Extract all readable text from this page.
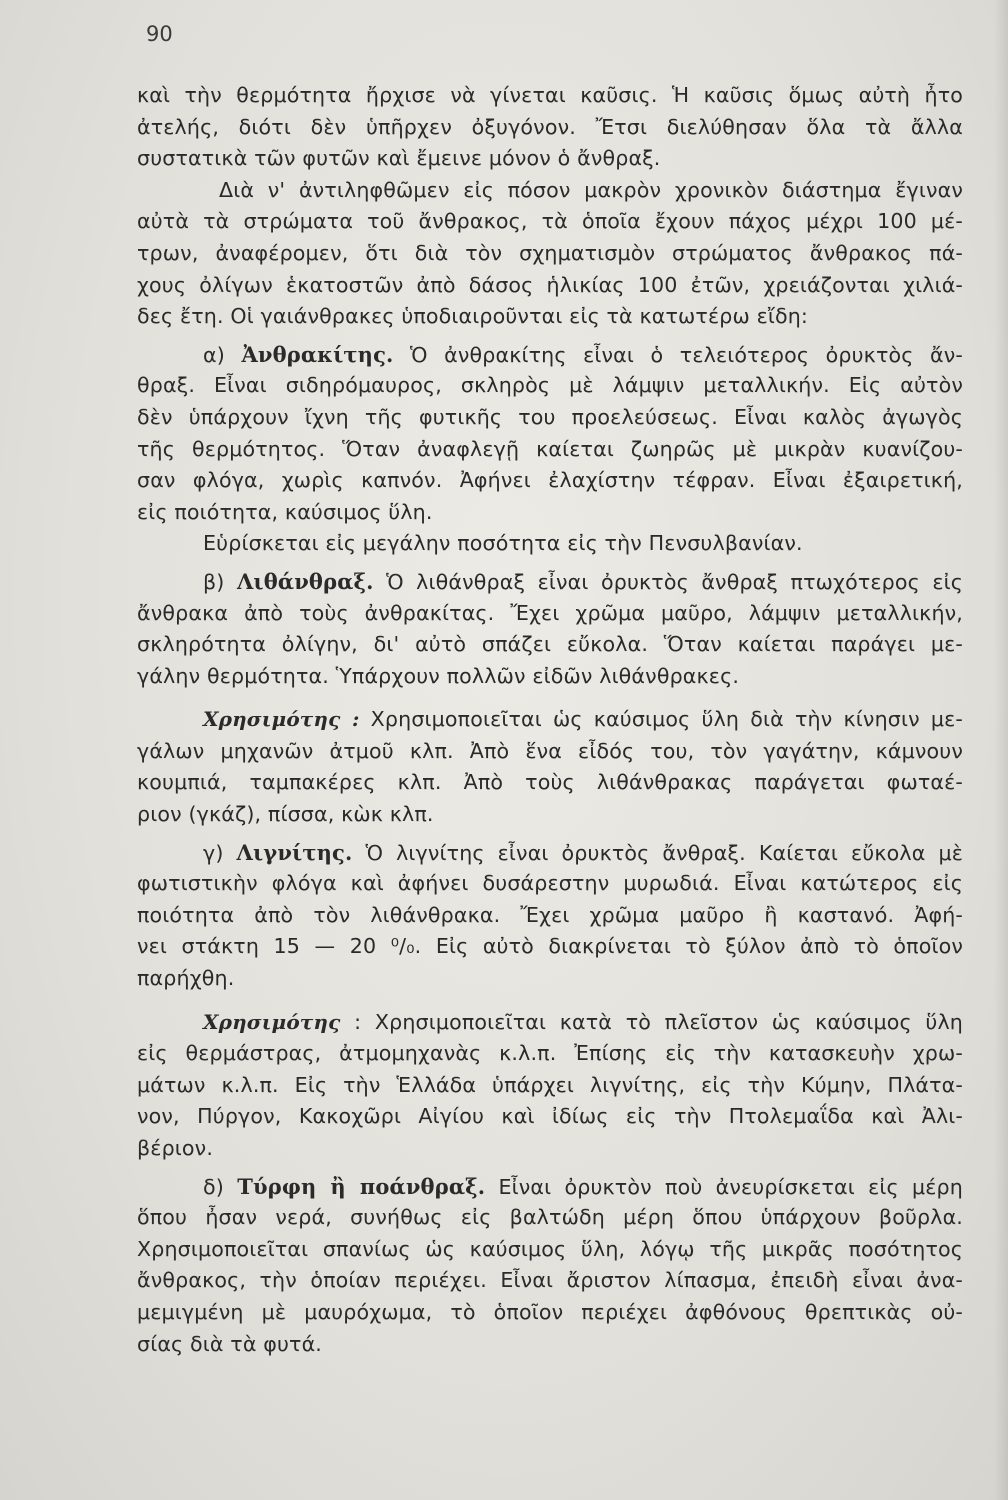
90
καὶ τὴν θερμότητα ἤρχισε νὰ γίνεται καῦσις. Ἡ καῦσις ὅμως αὐτὴ ἦτο
ἀτελής, διότι δὲν ὑπῆρχεν ὀξυγόνον. Ἔτσι διελύθησαν ὅλα τὰ ἄλλα
συστατικὰ τῶν φυτῶν καὶ ἔμεινε μόνον ὁ ἄνθραξ.
Διὰ ν' ἀντιληφθῶμεν εἰς πόσον μακρὸν χρονικὸν διάστημα ἔγιναν
αὐτὰ τὰ στρώματα τοῦ ἄνθρακος, τὰ ὁποῖα ἔχουν πάχος μέχρι 100 μέ-
τρων, ἀναφέρομεν, ὅτι διὰ τὸν σχηματισμὸν στρώματος ἄνθρακος πά-
χους ὀλίγων ἑκατοστῶν ἀπὸ δάσος ἡλικίας 100 ἐτῶν, χρειάζονται χιλιά-
δες ἔτη. Οἱ γαιάνθρακες ὑποδιαιροῦνται εἰς τὰ κατωτέρω εἴδη:
α) Ἀνθρακίτης. Ὁ ἀνθρακίτης εἶναι ὁ τελειότερος ὀρυκτὸς ἄν-
θραξ. Εἶναι σιδηρόμαυρος, σκληρὸς μὲ λάμψιν μεταλλικήν. Εἰς αὐτὸν
δὲν ὑπάρχουν ἴχνη τῆς φυτικῆς του προελεύσεως. Εἶναι καλὸς ἀγωγὸς
τῆς θερμότητος. Ὅταν ἀναφλεγῇ καίεται ζωηρῶς μὲ μικρὰν κυανίζου-
σαν φλόγα, χωρὶς καπνόν. Ἀφήνει ἐλαχίστην τέφραν. Εἶναι ἐξαιρετική,
εἰς ποιότητα, καύσιμος ὕλη.
Εὑρίσκεται εἰς μεγάλην ποσότητα εἰς τὴν Πενσυλβανίαν.
β) Λιθάνθραξ. Ὁ λιθάνθραξ εἶναι ὀρυκτὸς ἄνθραξ πτωχότερος εἰς
ἄνθρακα ἀπὸ τοὺς ἀνθρακίτας. Ἔχει χρῶμα μαῦρο, λάμψιν μεταλλικήν,
σκληρότητα ὀλίγην, δι' αὐτὸ σπάζει εὔκολα. Ὅταν καίεται παράγει με-
γάλην θερμότητα. Ὑπάρχουν πολλῶν εἰδῶν λιθάνθρακες.
Χρησιμότης : Χρησιμοποιεῖται ὡς καύσιμος ὕλη διὰ τὴν κίνησιν με-
γάλων μηχανῶν ἀτμοῦ κλπ. Ἀπὸ ἕνα εἶδός του, τὸν γαγάτην, κάμνουν
κουμπιά, ταμπακέρες κλπ. Ἀπὸ τοὺς λιθάνθρακας παράγεται φωταέ-
ριον (γκάζ), πίσσα, κὼκ κλπ.
γ) Λιγνίτης. Ὁ λιγνίτης εἶναι ὀρυκτὸς ἄνθραξ. Καίεται εὔκολα μὲ
φωτιστικὴν φλόγα καὶ ἀφήνει δυσάρεστην μυρωδιά. Εἶναι κατώτερος εἰς
ποιότητα ἀπὸ τὸν λιθάνθρακα. Ἔχει χρῶμα μαῦρο ἢ καστανό. Ἀφή-
νει στάκτη 15 — 20 ⁰/₀. Εἰς αὐτὸ διακρίνεται τὸ ξύλον ἀπὸ τὸ ὁποῖον
παρήχθη.
Χρησιμότης : Χρησιμοποιεῖται κατὰ τὸ πλεῖστον ὡς καύσιμος ὕλη
εἰς θερμάστρας, ἀτμομηχανὰς κ.λ.π. Ἐπίσης εἰς τὴν κατασκευὴν χρω-
μάτων κ.λ.π. Εἰς τὴν Ἑλλάδα ὑπάρχει λιγνίτης, εἰς τὴν Κύμην, Πλάτα-
νον, Πύργον, Κακοχῶρι Αἰγίου καὶ ἰδίως εἰς τὴν Πτολεμαΐδα καὶ Ἀλι-
βέριον.
δ) Τύρφη ἢ ποάνθραξ. Εἶναι ὀρυκτὸν ποὺ ἀνευρίσκεται εἰς μέρη
ὅπου ἦσαν νερά, συνήθως εἰς βαλτώδη μέρη ὅπου ὑπάρχουν βοῦρλα.
Χρησιμοποιεῖται σπανίως ὡς καύσιμος ὕλη, λόγῳ τῆς μικρᾶς ποσότητος
ἄνθρακος, τὴν ὁποίαν περιέχει. Εἶναι ἄριστον λίπασμα, ἐπειδὴ εἶναι ἀνα-
μεμιγμένη μὲ μαυρόχωμα, τὸ ὁποῖον περιέχει ἀφθόνους θρεπτικὰς οὐ-
σίας διὰ τὰ φυτά.
